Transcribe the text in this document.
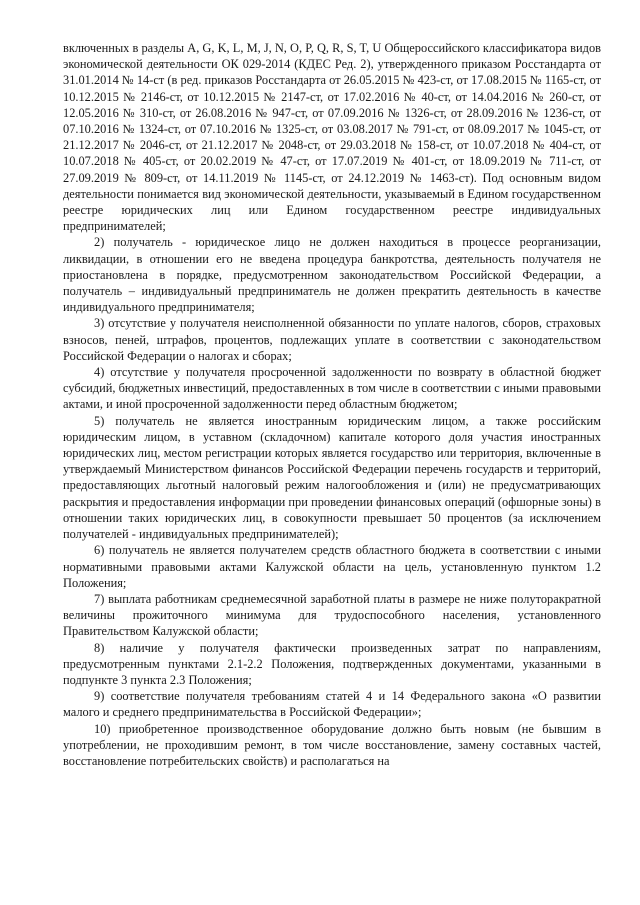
включенных в разделы A, G, K, L, M, J, N, O, P, Q, R, S, T, U Общероссийского классификатора видов экономической деятельности ОК 029-2014 (КДЕС Ред. 2), утвержденного приказом Росстандарта от 31.01.2014 № 14-ст (в ред. приказов Росстандарта от 26.05.2015 № 423-ст, от 17.08.2015 № 1165-ст, от 10.12.2015 № 2146-ст, от 10.12.2015 № 2147-ст, от 17.02.2016 № 40-ст, от 14.04.2016 № 260-ст, от 12.05.2016 № 310-ст, от 26.08.2016 № 947-ст, от 07.09.2016 № 1326-ст, от 28.09.2016 № 1236-ст, от 07.10.2016 № 1324-ст, от 07.10.2016 № 1325-ст, от 03.08.2017 № 791-ст, от 08.09.2017 № 1045-ст, от 21.12.2017 № 2046-ст, от 21.12.2017 № 2048-ст, от 29.03.2018 № 158-ст, от 10.07.2018 № 404-ст, от 10.07.2018 № 405-ст, от 20.02.2019 № 47-ст, от 17.07.2019 № 401-ст, от 18.09.2019 № 711-ст, от 27.09.2019 № 809-ст, от 14.11.2019 № 1145-ст, от 24.12.2019 № 1463-ст). Под основным видом деятельности понимается вид экономической деятельности, указываемый в Едином государственном реестре юридических лиц или Едином государственном реестре индивидуальных предпринимателей;

2) получатель - юридическое лицо не должен находиться в процессе реорганизации, ликвидации, в отношении его не введена процедура банкротства, деятельность получателя не приостановлена в порядке, предусмотренном законодательством Российской Федерации, а получатель – индивидуальный предприниматель не должен прекратить деятельность в качестве индивидуального предпринимателя;

3) отсутствие у получателя неисполненной обязанности по уплате налогов, сборов, страховых взносов, пеней, штрафов, процентов, подлежащих уплате в соответствии с законодательством Российской Федерации о налогах и сборах;

4) отсутствие у получателя просроченной задолженности по возврату в областной бюджет субсидий, бюджетных инвестиций, предоставленных в том числе в соответствии с иными правовыми актами, и иной просроченной задолженности перед областным бюджетом;

5) получатель не является иностранным юридическим лицом, а также российским юридическим лицом, в уставном (складочном) капитале которого доля участия иностранных юридических лиц, местом регистрации которых является государство или территория, включенные в утверждаемый Министерством финансов Российской Федерации перечень государств и территорий, предоставляющих льготный налоговый режим налогообложения и (или) не предусматривающих раскрытия и предоставления информации при проведении финансовых операций (офшорные зоны) в отношении таких юридических лиц, в совокупности превышает 50 процентов (за исключением получателей - индивидуальных предпринимателей);

6) получатель не является получателем средств областного бюджета в соответствии с иными нормативными правовыми актами Калужской области на цель, установленную пунктом 1.2 Положения;

7) выплата работникам среднемесячной заработной платы в размере не ниже полуторакратной величины прожиточного минимума для трудоспособного населения, установленного Правительством Калужской области;

8) наличие у получателя фактически произведенных затрат по направлениям, предусмотренным пунктами 2.1-2.2 Положения, подтвержденных документами, указанными в подпункте 3 пункта 2.3 Положения;

9) соответствие получателя требованиям статей 4 и 14 Федерального закона «О развитии малого и среднего предпринимательства в Российской Федерации»;

10) приобретенное производственное оборудование должно быть новым (не бывшим в употреблении, не проходившим ремонт, в том числе восстановление, замену составных частей, восстановление потребительских свойств) и располагаться на
